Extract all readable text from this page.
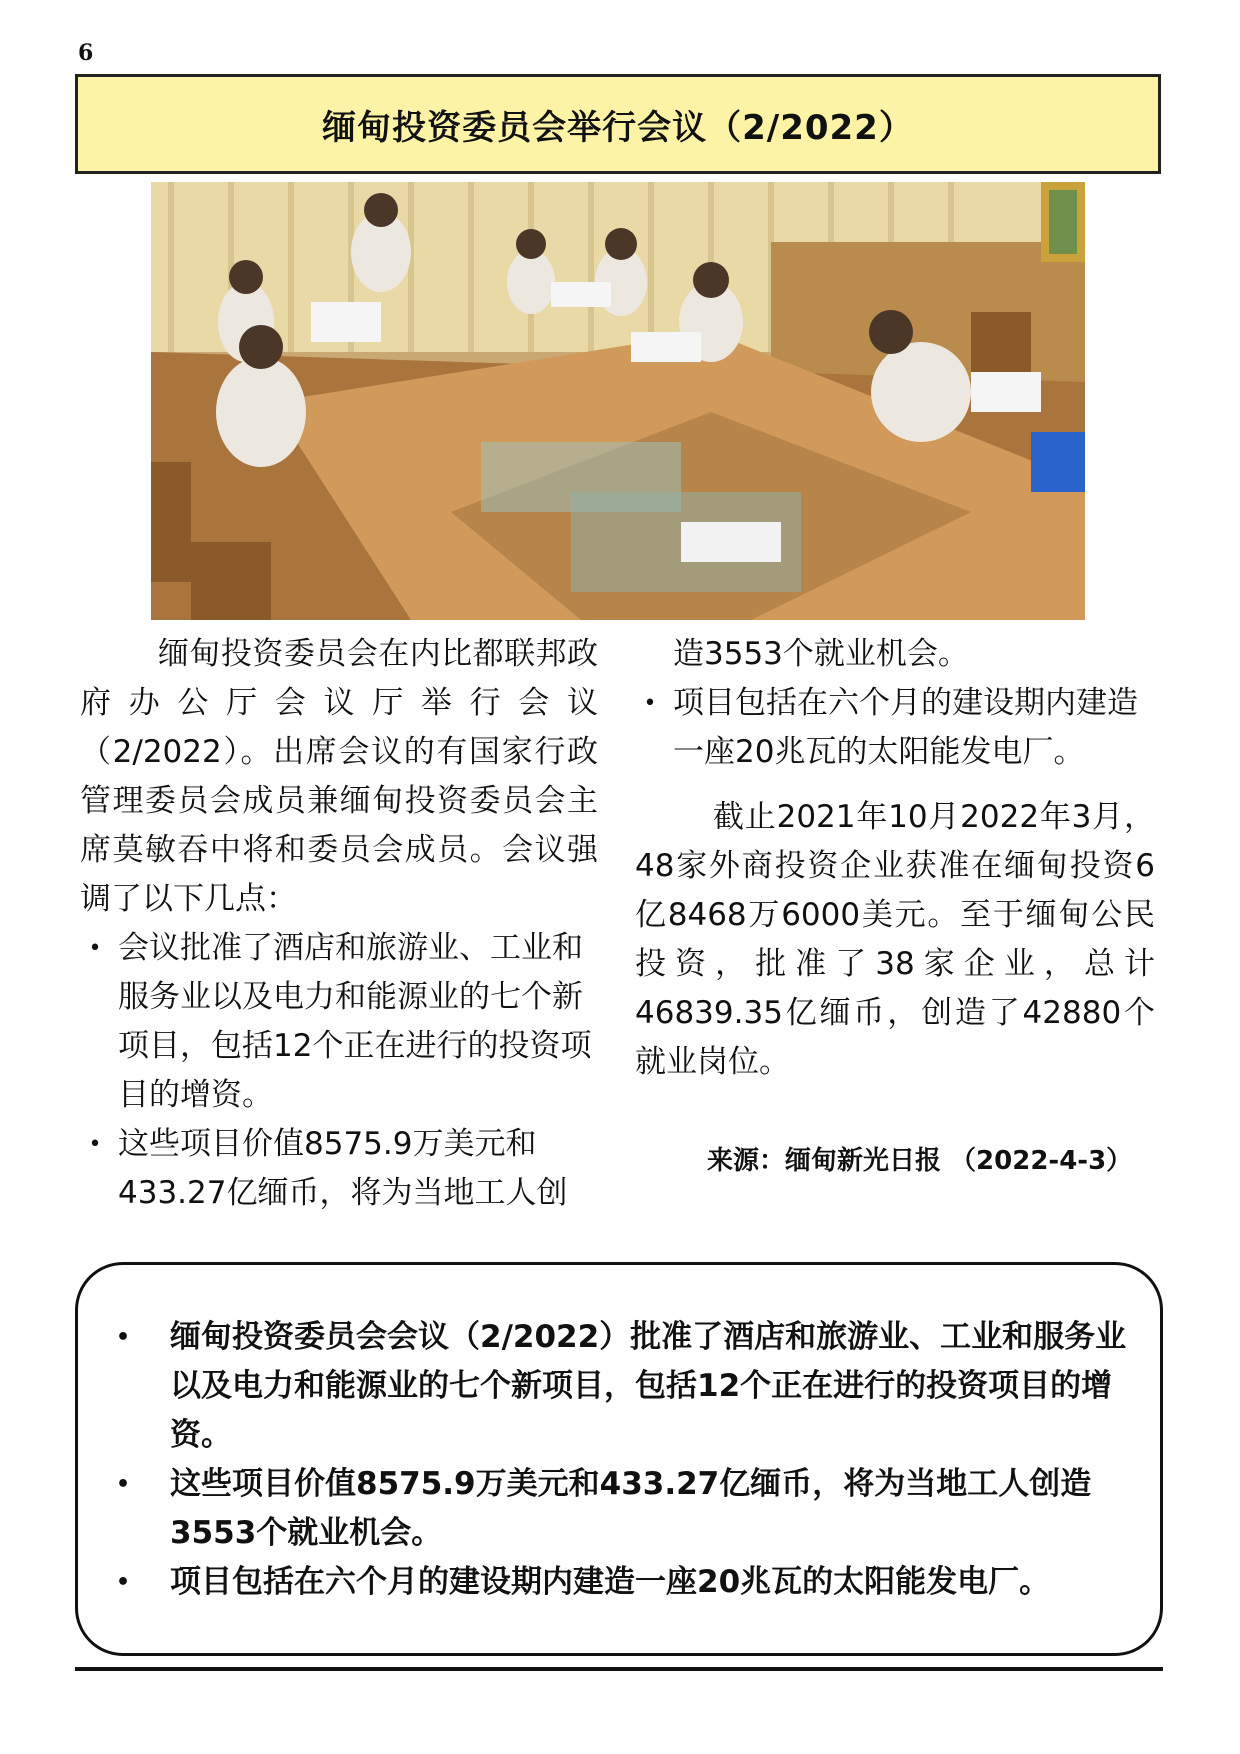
6
缅甸投资委员会举行会议（2/2022）

缅甸投资委员会在内比都联邦政府办公厅会议厅举行会议（2/2022）。出席会议的有国家行政管理委员会成员兼缅甸投资委员会主席莫敏吞中将和委员会成员。会议强调了以下几点：

• 会议批准了酒店和旅游业、工业和服务业以及电力和能源业的七个新项目，包括12个正在进行的投资项目的增资。
• 这些项目价值8575.9万美元和433.27亿缅币，将为当地工人创
造3553个就业机会。
• 项目包括在六个月的建设期内建造一座20兆瓦的太阳能发电厂。

截止2021年10月2022年3月，48家外商投资企业获准在缅甸投资6亿8468万6000美元。至于缅甸公民投资，批准了38家企业，总计46839.35亿缅币，创造了42880个就业岗位。

来源：缅甸新光日报 （2022-4-3）
• 缅甸投资委员会会议（2/2022）批准了酒店和旅游业、工业和服务业以及电力和能源业的七个新项目，包括12个正在进行的投资项目的增资。
• 这些项目价值8575.9万美元和433.27亿缅币，将为当地工人创造3553个就业机会。
• 项目包括在六个月的建设期内建造一座20兆瓦的太阳能发电厂。
